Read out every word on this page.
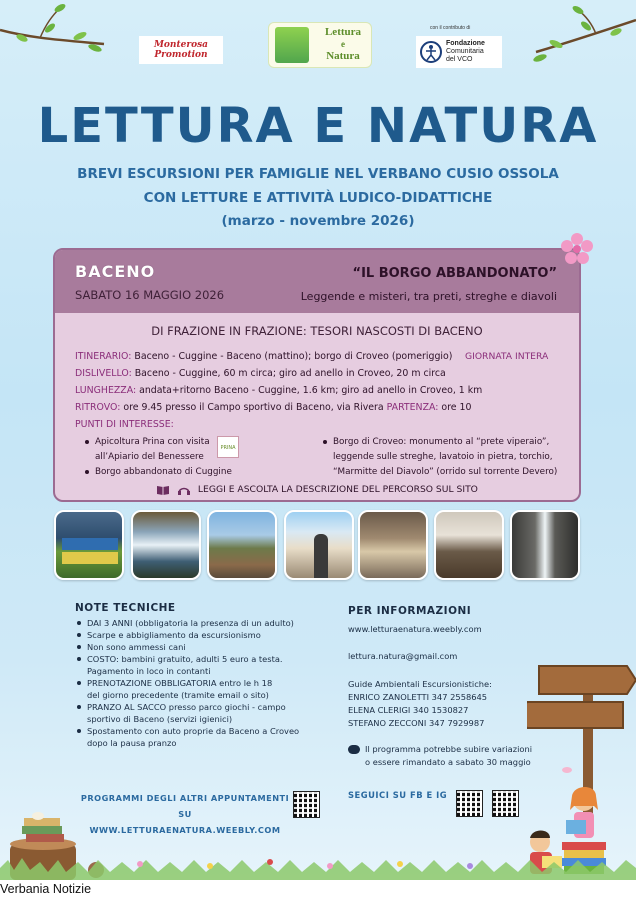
Monterosa
Promotion
Lettura
e
Natura
con il contributo di
Fondazione
Comunitaria
del VCO
LETTURA E NATURA
BREVI ESCURSIONI PER FAMIGLIE NEL VERBANO CUSIO OSSOLA
CON LETTURE E ATTIVITÀ LUDICO-DIDATTICHE
(marzo - novembre 2026)
BACENO
SABATO 16 MAGGIO 2026
“IL BORGO ABBANDONATO”
Leggende e misteri, tra preti, streghe e diavoli
DI FRAZIONE IN FRAZIONE: TESORI NASCOSTI DI BACENO
ITINERARIO: Baceno - Cuggine - Baceno (mattino); borgo di Croveo (pomeriggio) GIORNATA INTERA
DISLIVELLO: Baceno - Cuggine, 60 m circa; giro ad anello in Croveo, 20 m circa
LUNGHEZZA: andata+ritorno Baceno - Cuggine, 1.6 km; giro ad anello in Croveo, 1 km
RITROVO: ore 9.45 presso il Campo sportivo di Baceno, via Rivera PARTENZA: ore 10
PUNTI DI INTERESSE:
Apicoltura Prina con visita
all’Apiario del Benessere
Borgo abbandonato di Cuggine
PRINA
Borgo di Croveo: monumento al “prete viperaio”,
leggende sulle streghe, lavatoio in pietra, torchio,
“Marmitte del Diavolo” (orrido sul torrente Devero)
LEGGI E ASCOLTA LA DESCRIZIONE DEL PERCORSO SUL SITO
NOTE TECNICHE
DAI 3 ANNI (obbligatoria la presenza di un adulto)
Scarpe e abbigliamento da escursionismo
Non sono ammessi cani
COSTO: bambini gratuito, adulti 5 euro a testa.
Pagamento in loco in contanti
PRENOTAZIONE OBBLIGATORIA entro le h 18
del giorno precedente (tramite email o sito)
PRANZO AL SACCO presso parco giochi - campo
sportivo di Baceno (servizi igienici)
Spostamento con auto proprie da Baceno a Croveo
dopo la pausa pranzo
PER INFORMAZIONI
www.letturaenatura.weebly.com
lettura.natura@gmail.com
Guide Ambientali Escursionistiche:
ENRICO ZANOLETTI 347 2558645
ELENA CLERIGI 340 1530827
STEFANO ZECCONI 347 7929987
Il programma potrebbe subire variazioni
o essere rimandato a sabato 30 maggio
PROGRAMMI DEGLI ALTRI APPUNTAMENTI SU
WWW.LETTURAENATURA.WEEBLY.COM
SEGUICI SU FB E IG
Verbania Notizie
